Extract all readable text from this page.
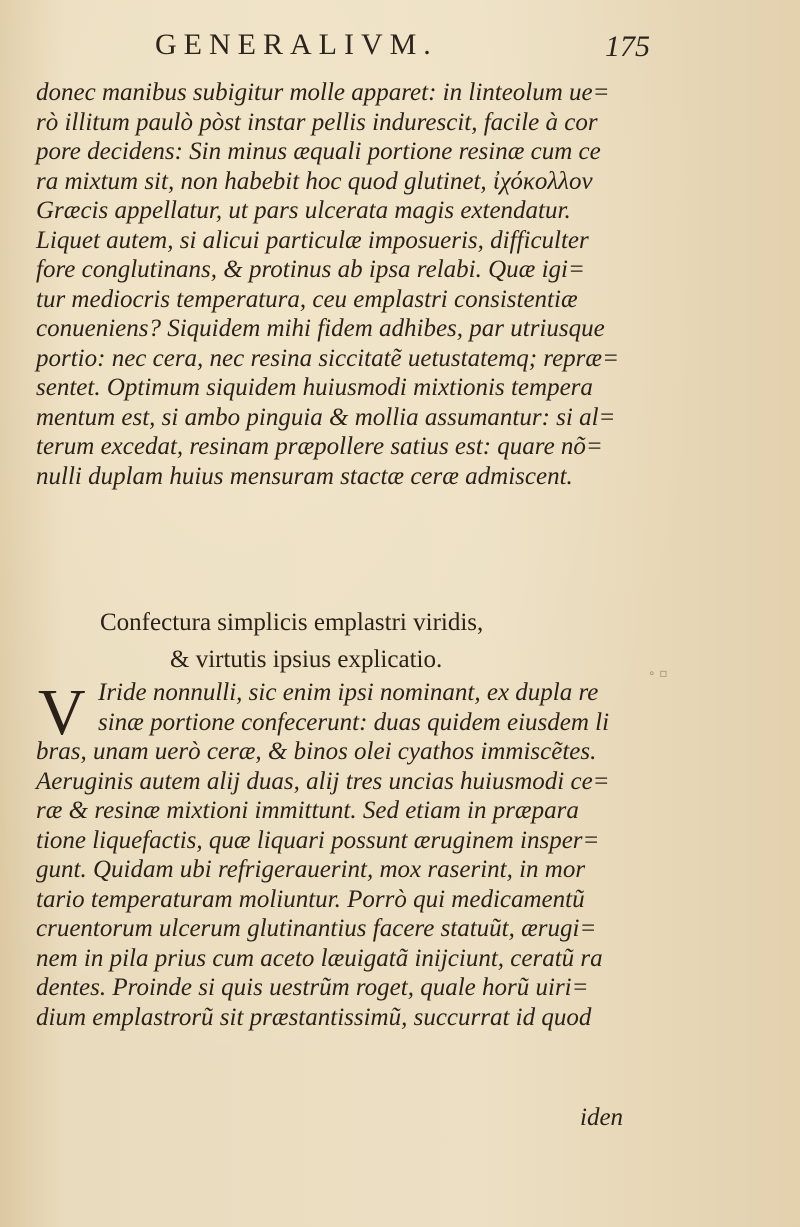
GENERALIVM.	175
donec manibus subigitur molle apparet: in linteolum ue=
rò illitum paulò pòst instar pellis indurescit, facile à cor
pore decidens: Sin minus æquali portione resinæ cum ce
ra mixtum sit, non habebit hoc quod glutinet, ἰχόκολλον
Græcis appellatur, ut pars ulcerata magis extendatur.
Liquet autem, si alicui particulæ imposueris, difficulter
fore conglutinans, & protinus ab ipsa relabi. Quæ igi=
tur mediocris temperatura, ceu emplastri consistentiæ
conueniens? Siquidem mihi fidem adhibes, par utriusque
portio: nec cera, nec resina siccitatẽ uetustatemq; repræ=
sentet. Optimum siquidem huiusmodi mixtionis tempera
mentum est, si ambo pinguia & mollia assumantur: si al=
terum excedat, resinam præpollere satius est: quare nõ=
nulli duplam huius mensuram stactæ ceræ admiscent.
Confectura simplicis emplastri viridis,
& virtutis ipsius explicatio.	∘ ▫
V Iride nonnulli, sic enim ipsi nominant, ex dupla re
sinæ portione confecerunt: duas quidem eiusdem li
bras, unam uerò ceræ, & binos olei cyathos immiscẽtes.
Aeruginis autem alij duas, alij tres uncias huiusmodi ce=
ræ & resinæ mixtioni immittunt. Sed etiam in præpara
tione liquefactis, quæ liquari possunt æruginem insper=
gunt. Quidam ubi refrigerauerint, mox raserint, in mor
tario temperaturam moliuntur. Porrò qui medicamentũ
cruentorum ulcerum glutinantius facere statuũt, ærugi=
nem in pila prius cum aceto læuigatã inijciunt, ceratũ ra
dentes. Proinde si quis uestrũm roget, quale horũ uiri=
dium emplastrorũ sit præstantissimũ, succurrat id quod
iden
